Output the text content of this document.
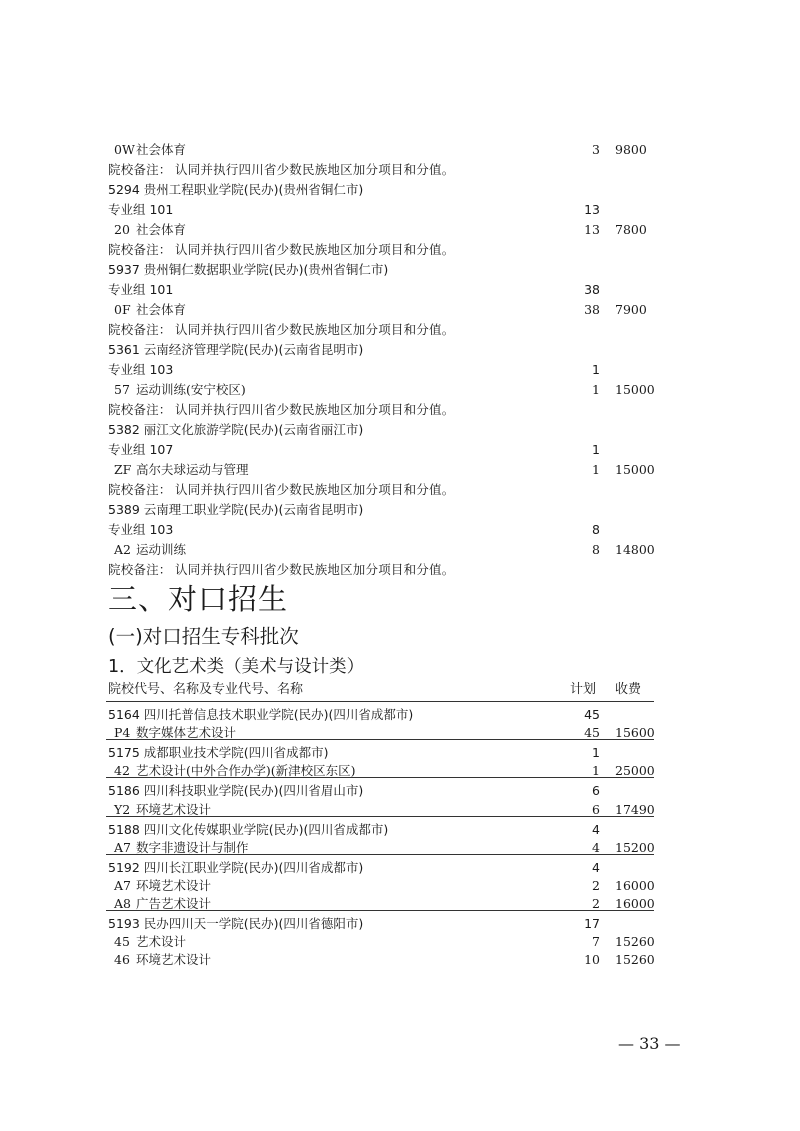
0W 社会体育	3 9800
院校备注： 认同并执行四川省少数民族地区加分项目和分值。
5294 贵州工程职业学院(民办)(贵州省铜仁市)
专业组 101	13
20 社会体育	13 7800
院校备注： 认同并执行四川省少数民族地区加分项目和分值。
5937 贵州铜仁数据职业学院(民办)(贵州省铜仁市)
专业组 101	38
0F 社会体育	38 7900
院校备注： 认同并执行四川省少数民族地区加分项目和分值。
5361 云南经济管理学院(民办)(云南省昆明市)
专业组 103	1
57 运动训练(安宁校区)	1 15000
院校备注： 认同并执行四川省少数民族地区加分项目和分值。
5382 丽江文化旅游学院(民办)(云南省丽江市)
专业组 107	1
ZF 高尔夫球运动与管理	1 15000
院校备注： 认同并执行四川省少数民族地区加分项目和分值。
5389 云南理工职业学院(民办)(云南省昆明市)
专业组 103	8
A2 运动训练	8 14800
院校备注： 认同并执行四川省少数民族地区加分项目和分值。
三、对口招生
(一)对口招生专科批次
1．文化艺术类（美术与设计类）
院校代号、名称及专业代号、名称	计划 收费
5164 四川托普信息技术职业学院(民办)(四川省成都市)	45
P4 数字媒体艺术设计	45 15600
5175 成都职业技术学院(四川省成都市)	1
42 艺术设计(中外合作办学)(新津校区东区)	1 25000
5186 四川科技职业学院(民办)(四川省眉山市)	6
Y2 环境艺术设计	6 17490
5188 四川文化传媒职业学院(民办)(四川省成都市)	4
A7 数字非遗设计与制作	4 15200
5192 四川长江职业学院(民办)(四川省成都市)	4
A7 环境艺术设计	2 16000
A8 广告艺术设计	2 16000
5193 民办四川天一学院(民办)(四川省德阳市)	17
45 艺术设计	7 15260
46 环境艺术设计	10 15260
— 33 —
